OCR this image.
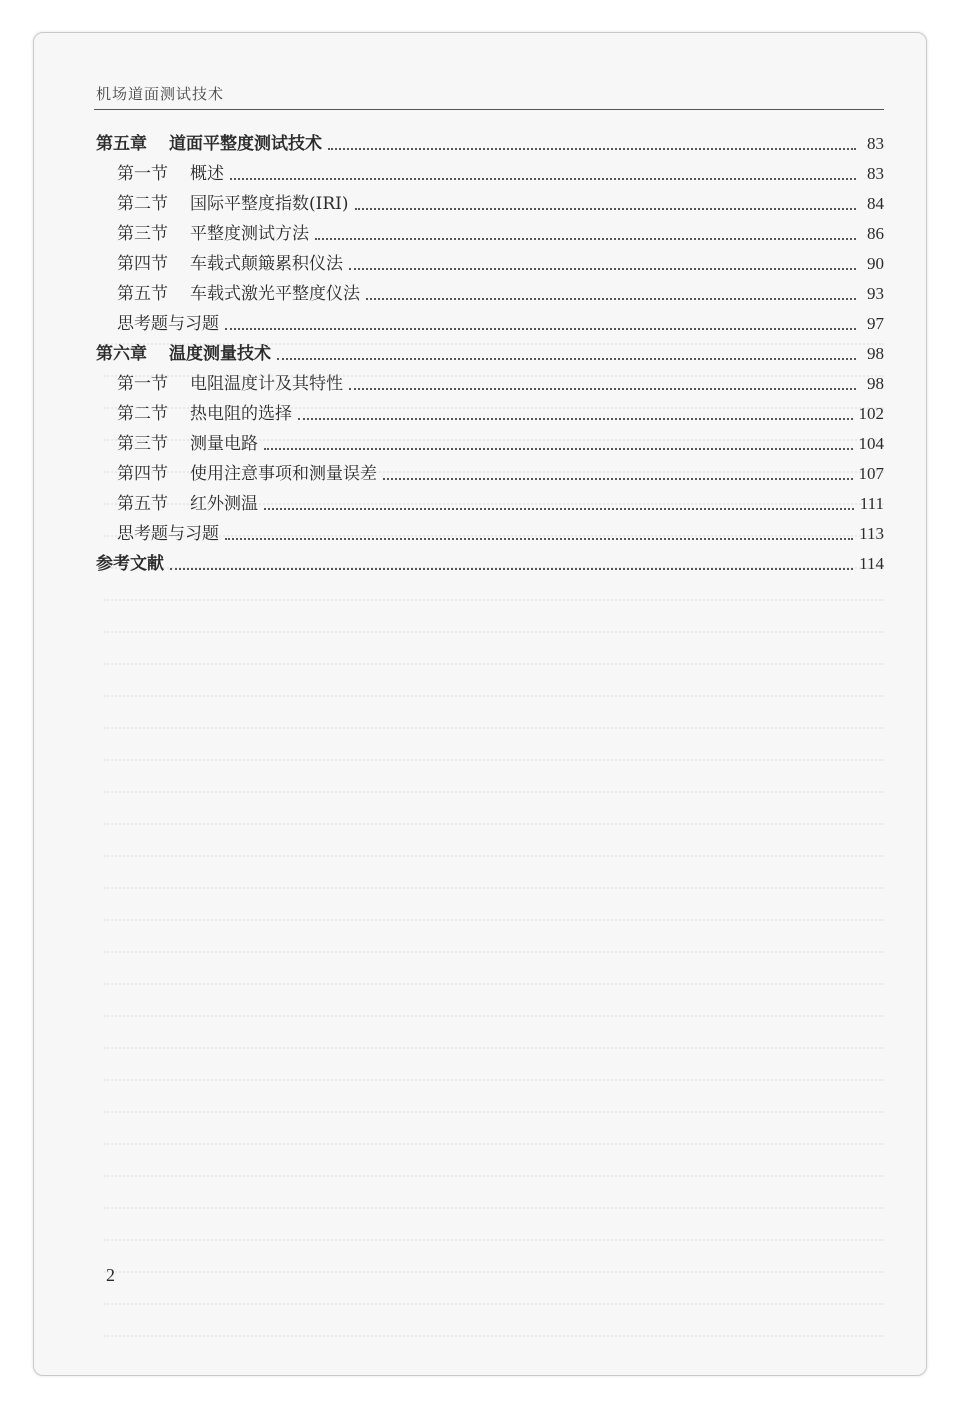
机场道面测试技术
第五章 道面平整度测试技术	83
第一节 概述	83
第二节 国际平整度指数(IRI)	84
第三节 平整度测试方法	86
第四节 车载式颠簸累积仪法	90
第五节 车载式激光平整度仪法	93
思考题与习题	97
第六章 温度测量技术	98
第一节 电阻温度计及其特性	98
第二节 热电阻的选择	102
第三节 测量电路	104
第四节 使用注意事项和测量误差	107
第五节 红外测温	111
思考题与习题	113
参考文献	114
2
